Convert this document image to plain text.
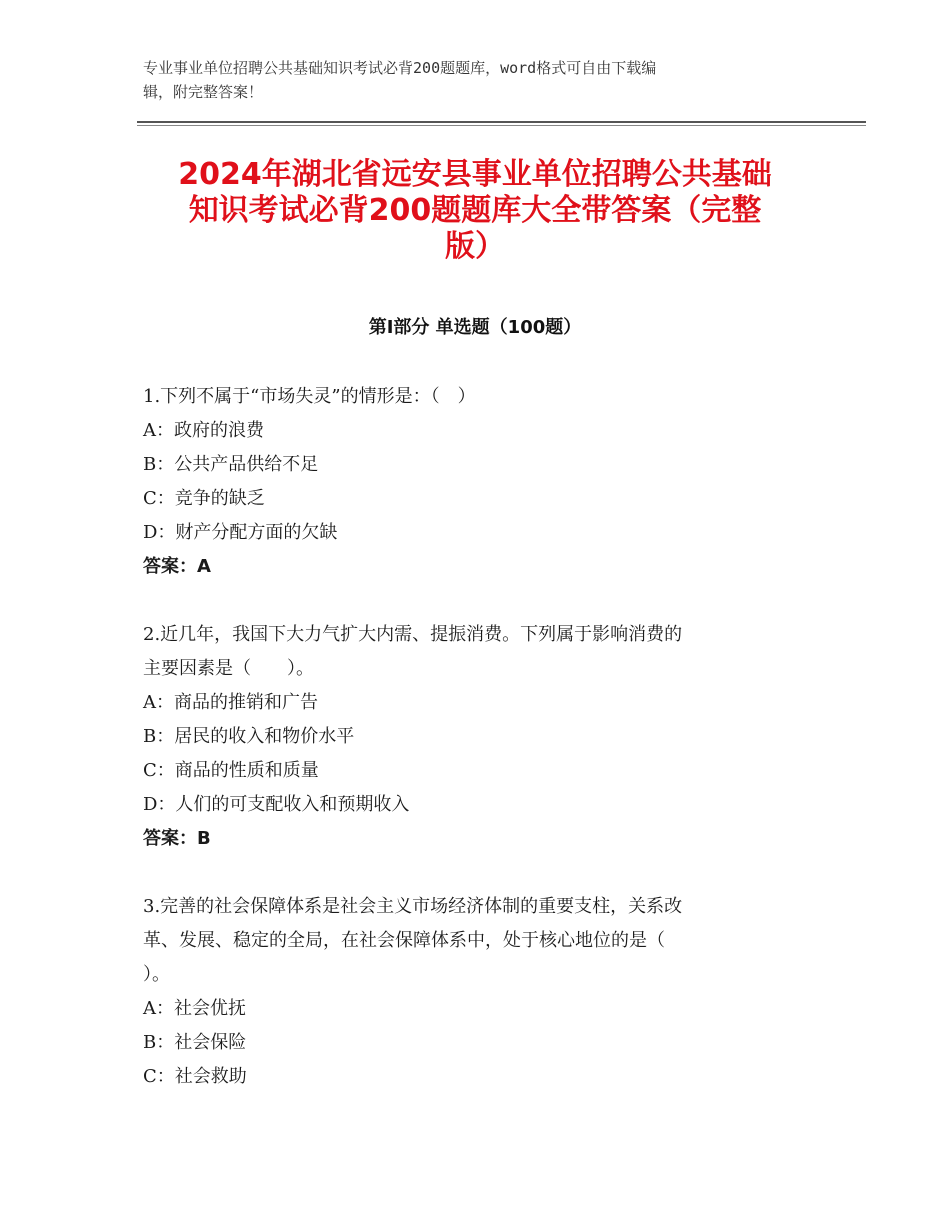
专业事业单位招聘公共基础知识考试必背200题题库，word格式可自由下载编
辑，附完整答案！
2024年湖北省远安县事业单位招聘公共基础
知识考试必背200题题库大全带答案（完整
版）
第Ⅰ部分 单选题（100题）

1.下列不属于“市场失灵”的情形是：（　）

A：政府的浪费

B：公共产品供给不足

C：竞争的缺乏

D：财产分配方面的欠缺

答案：A

2.近几年，我国下大力气扩大内需、提振消费。下列属于影响消费的

主要因素是（　　）。

A：商品的推销和广告

B：居民的收入和物价水平

C：商品的性质和质量

D：人们的可支配收入和预期收入

答案：B

3.完善的社会保障体系是社会主义市场经济体制的重要支柱，关系改

革、发展、稳定的全局，在社会保障体系中，处于核心地位的是（

）。

A：社会优抚

B：社会保险

C：社会救助
